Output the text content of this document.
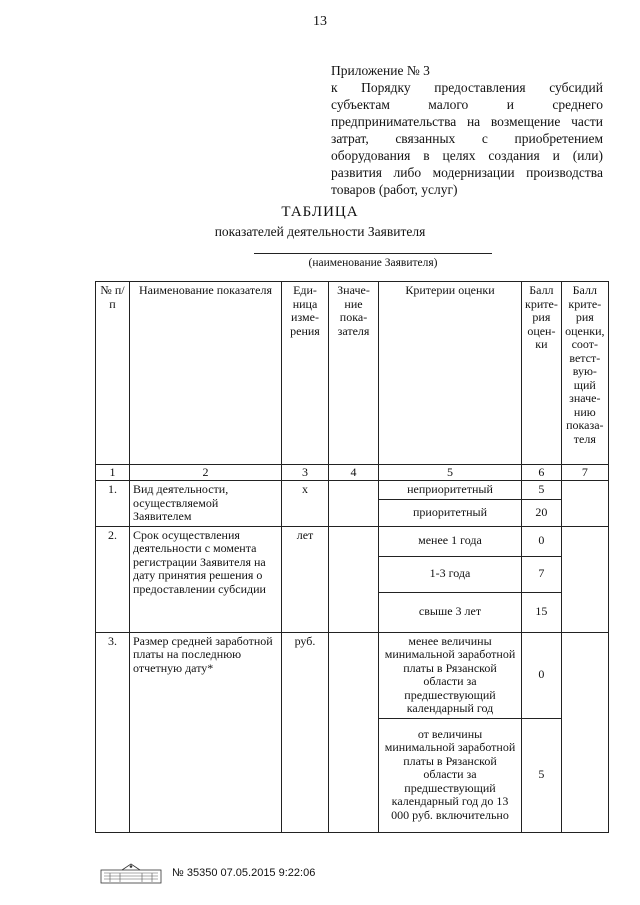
13
Приложение № 3
к Порядку предоставления субсидий субъектам малого и среднего предпринимательства на возмещение части затрат, связанных с приобретением оборудования в целях создания и (или) развития либо модернизации производства товаров (работ, услуг)
ТАБЛИЦА
показателей деятельности Заявителя
(наименование Заявителя)
№ п/п	Наименование показателя	Еди-ница изме-рения	Значе-ние пока-зателя	Критерии оценки	Балл крите-рия оцен-ки	Балл крите-рия оценки, соот-ветст-вую-щий значе-нию показа-теля
1	2	3	4	5	6	7
1.	Вид деятельности, осуществляемой Заявителем	х		неприоритетный	5	
				приоритетный	20	
2.	Срок осуществления деятельности с момента регистрации Заявителя на дату принятия решения о предоставлении субсидии	лет		менее 1 года	0	
				1-3 года	7	
				свыше 3 лет	15	
3.	Размер средней заработной платы на последнюю отчетную дату*	руб.		менее величины минимальной заработной платы в Рязанской области за предшествующий календарный год	0	
				от величины минимальной заработной платы в Рязанской области за предшествующий календарный год до 13 000 руб. включительно	5	
№ 35350 07.05.2015 9:22:06
